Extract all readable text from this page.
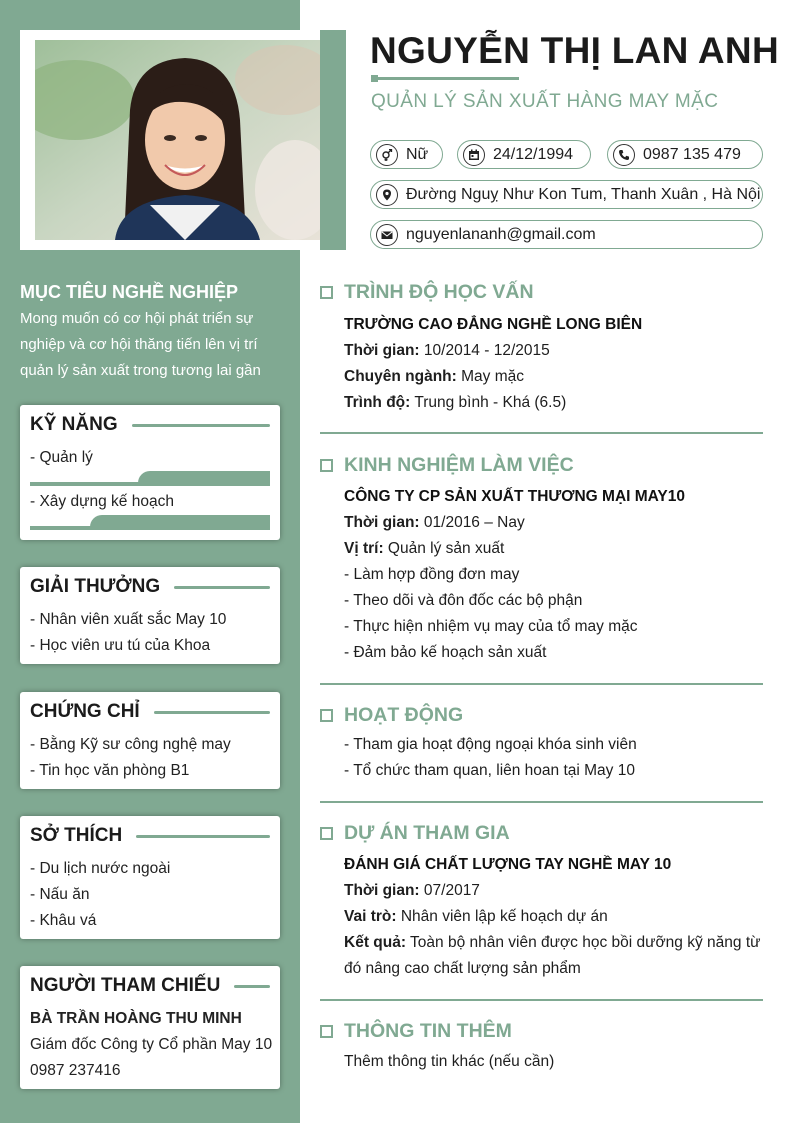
MỤC TIÊU NGHỀ NGHIỆP
Mong muốn có cơ hội phát triển sự
nghiệp và cơ hội thăng tiến lên vị trí
quản lý sản xuất trong tương lai gần
KỸ NĂNG
- Quản lý
- Xây dựng kế hoạch
GIẢI THƯỞNG
- Nhân viên xuất sắc May 10
- Học viên ưu tú của Khoa
CHỨNG CHỈ
- Bằng Kỹ sư công nghệ may
- Tin học văn phòng B1
SỞ THÍCH
- Du lịch nước ngoài
- Nấu ăn
- Khâu vá
NGƯỜI THAM CHIẾU
BÀ TRẦN HOÀNG THU MINH
Giám đốc Công ty Cổ phần May 10
0987 237416
NGUYỄN THỊ LAN ANH
QUẢN LÝ SẢN XUẤT HÀNG MAY MẶC
Nữ	24/12/1994	0987 135 479
Đường Nguỵ Như Kon Tum, Thanh Xuân , Hà Nội
nguyenlananh@gmail.com
TRÌNH ĐỘ HỌC VẤN
TRƯỜNG CAO ĐẲNG NGHỀ LONG BIÊN
Thời gian: 10/2014 - 12/2015
Chuyên ngành: May mặc
Trình độ: Trung bình - Khá (6.5)
KINH NGHIỆM LÀM VIỆC
CÔNG TY CP SẢN XUẤT THƯƠNG MẠI MAY10
Thời gian: 01/2016 – Nay
Vị trí: Quản lý sản xuất
- Làm hợp đồng đơn may
- Theo dõi và đôn đốc các bộ phận
- Thực hiện nhiệm vụ may của tổ may mặc
- Đảm bảo kế hoạch sản xuất
HOẠT ĐỘNG
- Tham gia hoạt động ngoại khóa sinh viên
- Tổ chức tham quan, liên hoan tại May 10
DỰ ÁN THAM GIA
ĐÁNH GIÁ CHẤT LƯỢNG TAY NGHỀ MAY 10
Thời gian: 07/2017
Vai trò: Nhân viên lập kế hoạch dự án
Kết quả: Toàn bộ nhân viên được học bồi dưỡng kỹ năng từ
đó nâng cao chất lượng sản phẩm
THÔNG TIN THÊM
Thêm thông tin khác (nếu cần)
